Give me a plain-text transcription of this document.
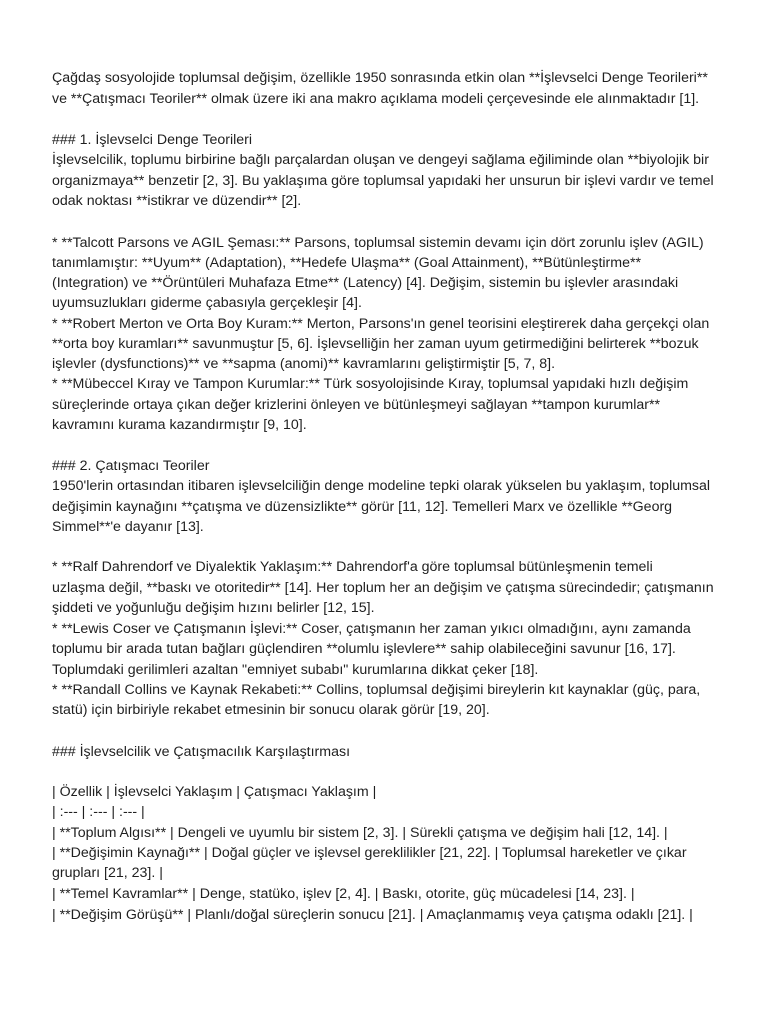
Çağdaş sosyolojide toplumsal değişim, özellikle 1950 sonrasında etkin olan **İşlevselci Denge Teorileri**
ve **Çatışmacı Teoriler** olmak üzere iki ana makro açıklama modeli çerçevesinde ele alınmaktadır [1].
### 1. İşlevselci Denge Teorileri
İşlevselcilik, toplumu birbirine bağlı parçalardan oluşan ve dengeyi sağlama eğiliminde olan **biyolojik bir
organizmaya** benzetir [2, 3]. Bu yaklaşıma göre toplumsal yapıdaki her unsurun bir işlevi vardır ve temel
odak noktası **istikrar ve düzendir** [2].
* **Talcott Parsons ve AGIL Şeması:** Parsons, toplumsal sistemin devamı için dört zorunlu işlev (AGIL)
tanımlamıştır: **Uyum** (Adaptation), **Hedefe Ulaşma** (Goal Attainment), **Bütünleştirme**
(Integration) ve **Örüntüleri Muhafaza Etme** (Latency) [4]. Değişim, sistemin bu işlevler arasındaki
uyumsuzlukları giderme çabasıyla gerçekleşir [4].
* **Robert Merton ve Orta Boy Kuram:** Merton, Parsons'ın genel teorisini eleştirerek daha gerçekçi olan
**orta boy kuramları** savunmuştur [5, 6]. İşlevselliğin her zaman uyum getirmediğini belirterek **bozuk
işlevler (dysfunctions)** ve **sapma (anomi)** kavramlarını geliştirmiştir [5, 7, 8].
* **Mübeccel Kıray ve Tampon Kurumlar:** Türk sosyolojisinde Kıray, toplumsal yapıdaki hızlı değişim
süreçlerinde ortaya çıkan değer krizlerini önleyen ve bütünleşmeyi sağlayan **tampon kurumlar**
kavramını kurama kazandırmıştır [9, 10].
### 2. Çatışmacı Teoriler
1950'lerin ortasından itibaren işlevselciliğin denge modeline tepki olarak yükselen bu yaklaşım, toplumsal
değişimin kaynağını **çatışma ve düzensizlikte** görür [11, 12]. Temelleri Marx ve özellikle **Georg
Simmel**'e dayanır [13].
* **Ralf Dahrendorf ve Diyalektik Yaklaşım:** Dahrendorf'a göre toplumsal bütünleşmenin temeli
uzlaşma değil, **baskı ve otoritedir** [14]. Her toplum her an değişim ve çatışma sürecindedir; çatışmanın
şiddeti ve yoğunluğu değişim hızını belirler [12, 15].
* **Lewis Coser ve Çatışmanın İşlevi:** Coser, çatışmanın her zaman yıkıcı olmadığını, aynı zamanda
toplumu bir arada tutan bağları güçlendiren **olumlu işlevlere** sahip olabileceğini savunur [16, 17].
Toplumdaki gerilimleri azaltan "emniyet subabı" kurumlarına dikkat çeker [18].
* **Randall Collins ve Kaynak Rekabeti:** Collins, toplumsal değişimi bireylerin kıt kaynaklar (güç, para,
statü) için birbiriyle rekabet etmesinin bir sonucu olarak görür [19, 20].
### İşlevselcilik ve Çatışmacılık Karşılaştırması
| Özellik | İşlevselci Yaklaşım | Çatışmacı Yaklaşım |
| :--- | :--- | :--- |
| **Toplum Algısı** | Dengeli ve uyumlu bir sistem [2, 3]. | Sürekli çatışma ve değişim hali [12, 14]. |
| **Değişimin Kaynağı** | Doğal güçler ve işlevsel gereklilikler [21, 22]. | Toplumsal hareketler ve çıkar
grupları [21, 23]. |
| **Temel Kavramlar** | Denge, statüko, işlev [2, 4]. | Baskı, otorite, güç mücadelesi [14, 23]. |
| **Değişim Görüşü** | Planlı/doğal süreçlerin sonucu [21]. | Amaçlanmamış veya çatışma odaklı [21]. |
